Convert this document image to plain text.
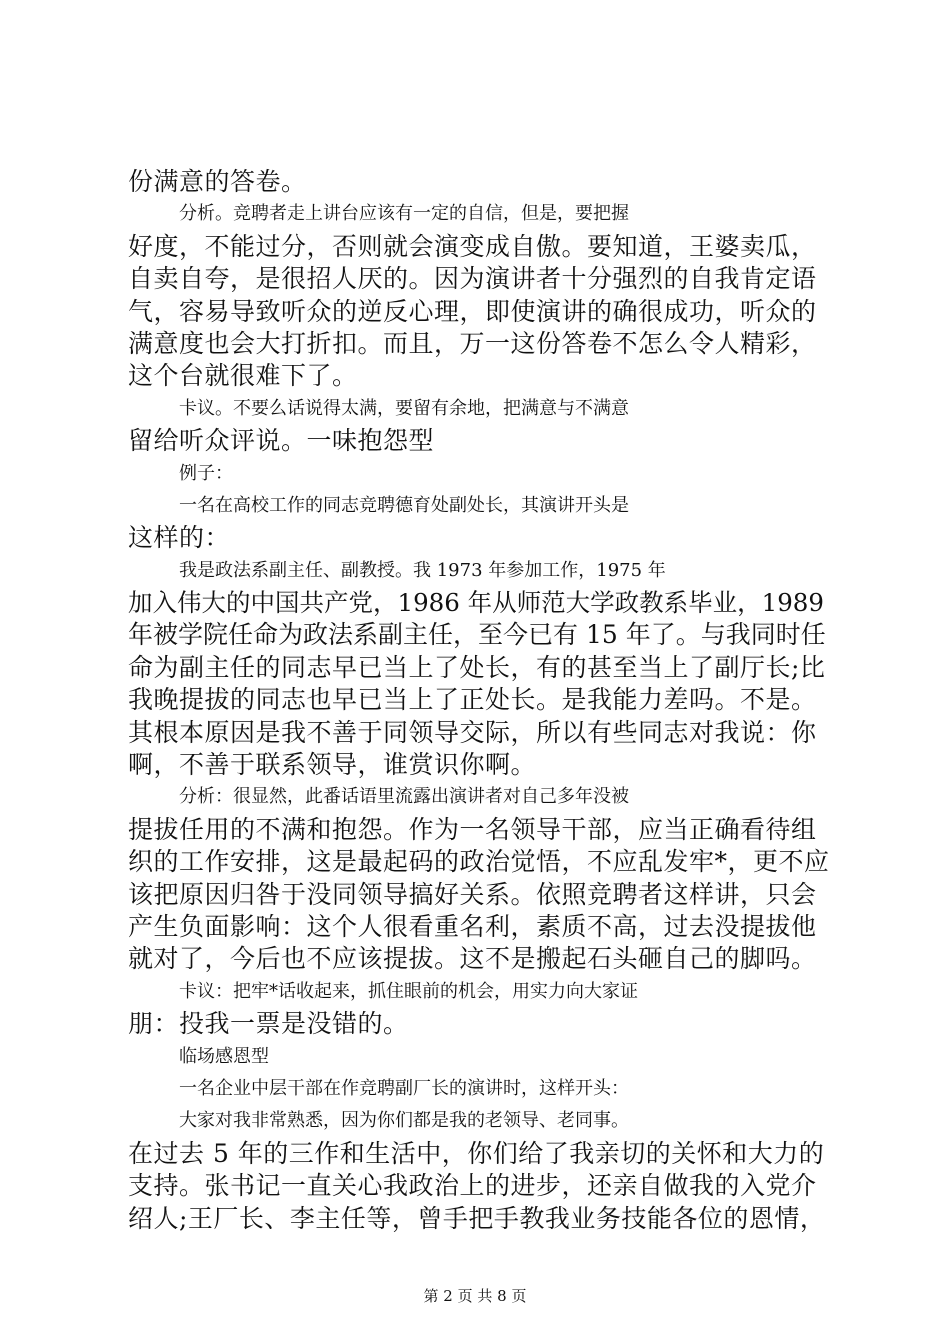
份满意的答卷。
分析。竞聘者走上讲台应该有一定的自信，但是，要把握
好度，不能过分，否则就会演变成自傲。要知道，王婆卖瓜，
自卖自夸，是很招人厌的。因为演讲者十分强烈的自我肯定语
气，容易导致听众的逆反心理，即使演讲的确很成功，听众的
满意度也会大打折扣。而且，万一这份答卷不怎么令人精彩，
这个台就很难下了。
卡议。不要么话说得太满，要留有余地，把满意与不满意
留给听众评说。一味抱怨型
例子：
一名在高校工作的同志竞聘德育处副处长，其演讲开头是
这样的：
我是政法系副主任、副教授。我 1973 年参加工作，1975 年
加入伟大的中国共产党，1986 年从师范大学政教系毕业，1989
年被学院任命为政法系副主任，至今已有 15 年了。与我同时任
命为副主任的同志早已当上了处长，有的甚至当上了副厅长;比
我晚提拔的同志也早已当上了正处长。是我能力差吗。不是。
其根本原因是我不善于同领导交际，所以有些同志对我说：你
啊，不善于联系领导，谁赏识你啊。
分析：很显然，此番话语里流露出演讲者对自己多年没被
提拔任用的不满和抱怨。作为一名领导干部，应当正确看待组
织的工作安排，这是最起码的政治觉悟，不应乱发牢*，更不应
该把原因归咎于没同领导搞好关系。依照竞聘者这样讲，只会
产生负面影响：这个人很看重名利，素质不高，过去没提拔他
就对了，今后也不应该提拔。这不是搬起石头砸自己的脚吗。
卡议：把牢*话收起来，抓住眼前的机会，用实力向大家证
朋：投我一票是没错的。
临场感恩型
一名企业中层干部在作竞聘副厂长的演讲时，这样开头：
大家对我非常熟悉，因为你们都是我的老领导、老同事。
在过去 5 年的三作和生活中，你们给了我亲切的关怀和大力的
支持。张书记一直关心我政治上的进步，还亲自做我的入党介
绍人;王厂长、李主任等，曾手把手教我业务技能各位的恩情，
第 2 页 共 8 页
